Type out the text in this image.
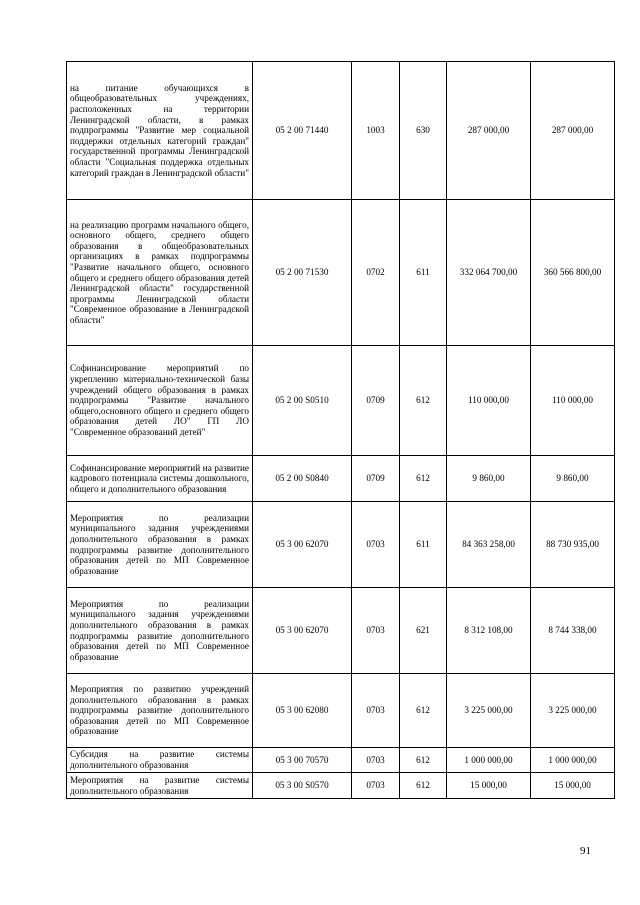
на питание обучающихся в общеобразовательных учреждениях, расположенных на территории Ленинградской области, в рамках подпрограммы "Развитие мер социальной поддержки отдельных категорий граждан" государственной программы Ленинградской области "Социальная поддержка отдельных категорий граждан в Ленинградской области"	05 2 00 71440	1003	630	287 000,00	287 000,00
на реализацию программ начального общего, основного общего, среднего общего образования в общеобразовательных организациях в рамках подпрограммы "Развитие начального общего, основного общего и среднего общего образования детей Ленинградской области" государственной программы Ленинградской области "Современное образование в Ленинградской области"	05 2 00 71530	0702	611	332 064 700,00	360 566 800,00
Софинансирование мероприятий по укреплению материально-технической базы учреждений общего образования в рамках подпрограммы "Развитие начального общего,основного общего и среднего общего образования детей ЛО" ГП ЛО "Современное образований детей"	05 2 00 S0510	0709	612	110 000,00	110 000,00
Софинансирование мероприятий на развитие кадрового потенциала системы дошкольного, общего и дополнительного образования	05 2 00 S0840	0709	612	9 860,00	9 860,00
Мероприятия по реализации муниципального задания учреждениями дополнительного образования в рамках подпрограммы развитие дополнительного образования детей по МП Современное образование	05 3 00 62070	0703	611	84 363 258,00	88 730 935,00
Мероприятия по реализации муниципального задания учреждениями дополнительного образования в рамках подпрограммы развитие дополнительного образования детей по МП Современное образование	05 3 00 62070	0703	621	8 312 108,00	8 744 338,00
Мероприятия по развитию учреждений дополнительного образования в рамках подпрограммы развитие дополнительного образования детей по МП Современное образование	05 3 00 62080	0703	612	3 225 000,00	3 225 000,00
Субсидия на развитие системы дополнительного образования	05 3 00 70570	0703	612	1 000 000,00	1 000 000,00
Мероприятия на развитие системы дополнительного образования	05 3 00 S0570	0703	612	15 000,00	15 000,00
91
